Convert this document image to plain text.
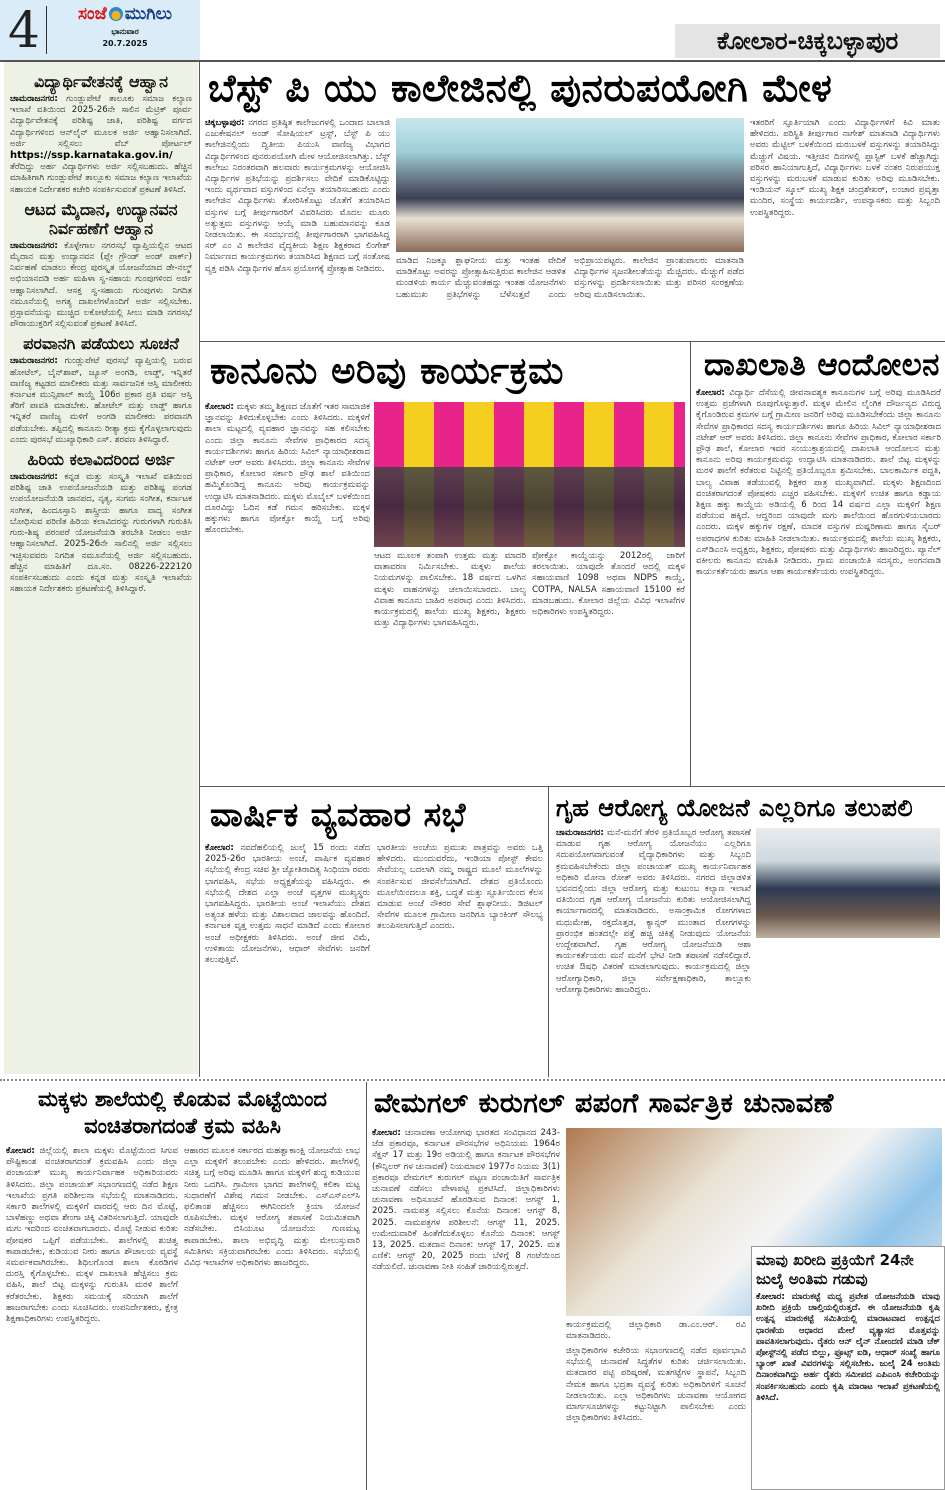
4 ಸಂಜೆ ಮುಗಿಲು
ಭಾನುವಾರ
20.7.2025	ಕೋಲಾರ-ಚಿಕ್ಕಬಳ್ಳಾಪುರ
ವಿದ್ಯಾರ್ಥಿವೇತನಕ್ಕೆ ಆಹ್ವಾನ
ಚಾಮರಾಜನಗರ: ಗುಂಡ್ಲುಪೇಟೆ ತಾಲೂಕು ಸಮಾಜ ಕಲ್ಯಾಣ ಇಲಾಖೆ ವತಿಯಿಂದ 2025-26ನೇ ಸಾಲಿನ ಮೆಟ್ರಿಕ್ ಪೂರ್ವ ವಿದ್ಯಾರ್ಥಿವೇತನಕ್ಕೆ ಪರಿಶಿಷ್ಟ ಜಾತಿ, ಪರಿಶಿಷ್ಟ ವರ್ಗದ ವಿದ್ಯಾರ್ಥಿಗಳಿಂದ ಆನ್‌ಲೈನ್ ಮೂಲಕ ಅರ್ಜಿ ಆಹ್ವಾನಿಸಲಾಗಿದೆ. ಅರ್ಜಿ ಸಲ್ಲಿಸಲು ವೆಬ್ ಪೋರ್ಟಲ್ https://ssp.karnataka.gov.in/ ತೆರೆದಿದ್ದು ಅರ್ಹ ವಿದ್ಯಾರ್ಥಿಗಳು ಅರ್ಜಿ ಸಲ್ಲಿಸಬಹುದು. ಹೆಚ್ಚಿನ ಮಾಹಿತಿಗಾಗಿ ಗುಂಡ್ಲುಪೇಟೆ ತಾಲ್ಲೂಕು ಸಮಾಜ ಕಲ್ಯಾಣ ಇಲಾಖೆಯ ಸಹಾಯಕ ನಿರ್ದೇಶಕರ ಕಚೇರಿ ಸಂಪರ್ಕಿಸುವಂತೆ ಪ್ರಕಟಣೆ ತಿಳಿಸಿದೆ.
ಆಟದ ಮೈದಾನ, ಉದ್ಯಾನವನ ನಿರ್ವಹಣೆಗೆ ಆಹ್ವಾನ
ಚಾಮರಾಜನಗರ: ಕೊಳ್ಳೇಗಾಲ ನಗರಸಭೆ ವ್ಯಾಪ್ತಿಯಲ್ಲಿನ ಆಟದ ಮೈದಾನ ಮತ್ತು ಉದ್ಯಾನವನ (ಪ್ಲೇ ಗ್ರೌಂಡ್ ಅಂಡ್ ಪಾರ್ಕ್) ನಿರ್ವಹಣೆ ಮಾಡಲು ಕೇಂದ್ರ ಪುರಸ್ಕೃತ ಯೋಜನೆಯಾದ ಡೇ-ನಲ್ಮ್ ಅಭಿಯಾನದಡಿ ಅರ್ಹ ಮಹಿಳಾ ಸ್ವ-ಸಹಾಯ ಗುಂಪುಗಳಿಂದ ಅರ್ಜಿ ಆಹ್ವಾನಿಸಲಾಗಿದೆ. ಆಸಕ್ತ ಸ್ವ-ಸಹಾಯ ಗುಂಪುಗಳು ನಿಗದಿತ ನಮೂನೆಯಲ್ಲಿ ಅಗತ್ಯ ದಾಖಲೆಗಳೊಂದಿಗೆ ಅರ್ಜಿ ಸಲ್ಲಿಸಬೇಕು. ಪ್ರಸ್ತಾವನೆಯನ್ನು ಮುಚ್ಚಿದ ಲಕೋಟೆಯಲ್ಲಿ ಸೀಲು ಮಾಡಿ ನಗರಸಭೆ ಪೌರಾಯುಕ್ತರಿಗೆ ಸಲ್ಲಿಸುವಂತೆ ಪ್ರಕಟಣೆ ತಿಳಿಸಿದೆ.
ಪರವಾನಗಿ ಪಡೆಯಲು ಸೂಚನೆ
ಚಾಮರಾಜನಗರ: ಗುಂಡ್ಲುಪೇಟೆ ಪುರಸಭೆ ವ್ಯಾಪ್ತಿಯಲ್ಲಿ ಬರುವ ಹೋಟೆಲ್, ಬೈನ್‌ಶಾಪ್, ಜ್ಯೂಸ್ ಅಂಗಡಿ, ಲಾಡ್ಜ್, ಇನ್ನಿತರೆ ವಾಣಿಜ್ಯ ಕಟ್ಟಡದ ಮಾಲೀಕರು ಮತ್ತು ಸಾರ್ವಜನಿಕ ಆಸ್ತಿ ಮಾಲೀಕರು ಕರ್ನಾಟಕ ಮುನ್ಸಿಪಾಲ್ ಕಾಯ್ದೆ 106ರ ಪ್ರಕಾರ ಪ್ರತಿ ವರ್ಷ ಆಸ್ತಿ ತೆರಿಗೆ ಪಾವತಿ ಮಾಡಬೇಕು. ಹೋಟೆಲ್ ಮತ್ತು ಲಾಡ್ಜ್ ಹಾಗೂ ಇನ್ನಿತರೆ ವಾಣಿಜ್ಯ ಮಳಿಗೆ ಅಂಗಡಿ ಮಾಲೀಕರು ಪರವಾನಗಿ ಪಡೆಯಬೇಕು. ತಪ್ಪಿದಲ್ಲಿ ಕಾನೂನು ರೀತ್ಯಾ ಕ್ರಮ ಕೈಗೊಳ್ಳಲಾಗುವುದು ಎಂದು ಪುರಸಭೆ ಮುಖ್ಯಾಧಿಕಾರಿ ಎಸ್. ಶರವಣ ತಿಳಿಸಿದ್ದಾರೆ.
ಹಿರಿಯ ಕಲಾವಿದರಿಂದ ಅರ್ಜಿ
ಚಾಮರಾಜನಗರ: ಕನ್ನಡ ಮತ್ತು ಸಂಸ್ಕೃತಿ ಇಲಾಖೆ ವತಿಯಿಂದ ಪರಿಶಿಷ್ಟ ಜಾತಿ ಉಪಯೋಜನೆಯಡಿ ಮತ್ತು ಪರಿಶಿಷ್ಟ ಪಂಗಡ ಉಪಯೋಜನೆಯಡಿ ಜಾನಪದ, ನೃತ್ಯ, ಸುಗಮ ಸಂಗೀತ, ಕರ್ನಾಟಕ ಸಂಗೀತ, ಹಿಂದೂಸ್ತಾನಿ ಶಾಸ್ತ್ರೀಯ ಹಾಗೂ ವಾದ್ಯ ಸಂಗೀತ ಬೋಧಿಸುವ ಪರಿಣಿತ ಹಿರಿಯ ಕಲಾವಿದರನ್ನು ಗುರುಗಳಾಗಿ ಗುರುತಿಸಿ ಗುರು-ಶಿಷ್ಯ ಪರಂಪರೆ ಯೋಜನೆಯಡಿ ತರಬೇತಿ ನೀಡಲು ಅರ್ಜಿ ಆಹ್ವಾನಿಸಲಾಗಿದೆ. 2025-26ನೇ ಸಾಲಿನಲ್ಲಿ ಅರ್ಜಿ ಸಲ್ಲಿಸಲು ಇಚ್ಛಿಸುವವರು ನಿಗದಿತ ನಮೂನೆಯಲ್ಲಿ ಅರ್ಜಿ ಸಲ್ಲಿಸಬಹುದು. ಹೆಚ್ಚಿನ ಮಾಹಿತಿಗೆ ದೂ.ಸಂ. 08226-222120 ಸಂಪರ್ಕಿಸಬಹುದು ಎಂದು ಕನ್ನಡ ಮತ್ತು ಸಂಸ್ಕೃತಿ ಇಲಾಖೆಯ ಸಹಾಯಕ ನಿರ್ದೇಶಕರು ಪ್ರಕಟಣೆಯಲ್ಲಿ ತಿಳಿಸಿದ್ದಾರೆ.
ಬೆಸ್ಟ್ ಪಿ ಯು ಕಾಲೇಜಿನಲ್ಲಿ ಪುನರುಪಯೋಗಿ ಮೇಳ
ಚಿಕ್ಕಬಳ್ಳಾಪುರ: ನಗರದ ಪ್ರತಿಷ್ಠಿತ ಕಾಲೇಜುಗಳಲ್ಲಿ ಒಂದಾದ ಬಾಲಾಜಿ ಎಜುಕೇಷನಲ್ ಅಂಡ್ ಸೋಷಿಯಲ್ ಟ್ರಸ್ಟ್, ಬೆಸ್ಟ್ ಪಿ ಯು ಕಾಲೇಜಿನಲ್ಲಿಂದು ದ್ವಿತೀಯ ಪಿಯುಸಿ ವಾಣಿಜ್ಯ ವಿಭಾಗದ ವಿದ್ಯಾರ್ಥಿಗಳಿಂದ ಪುನರುಪಯೋಗಿ ಮೇಳ ಆಯೋಜಿಸಲಾಗಿತ್ತು. ಬೆಸ್ಟ್ ಕಾಲೇಜು ನಿರಂತರವಾಗಿ ಹಲವಾರು ಕಾರ್ಯಕ್ರಮಗಳನ್ನು ಆಯೋಜಿಸಿ ವಿದ್ಯಾರ್ಥಿಗಳ ಪ್ರತಿಭೆಯನ್ನು ಪ್ರದರ್ಶಿಸಲು ವೇದಿಕೆ ಮಾಡಿಕೊಟ್ಟಿದ್ದು ಇಂದು ವ್ಯರ್ಥವಾದ ವಸ್ತುಗಳಿಂದ ಏನೆಲ್ಲಾ ತಯಾರಿಸಬಹುದು ಎಂದು ಕಾಲೇಜಿನ ವಿದ್ಯಾರ್ಥಿಗಳು ತೋರಿಸಿಕೊಟ್ಟು ಜೊತೆಗೆ ತಯಾರಿಸಿದ ವಸ್ತುಗಳ ಬಗ್ಗೆ ತೀರ್ಪುಗಾರರಿಗೆ ವಿವರಿಸಿದರು ಮೊದಲ ಮೂರು ಅತ್ಯುತ್ತಮ ವಸ್ತುಗಳನ್ನು ಆಯ್ಕೆ ಮಾಡಿ ಬಹುಮಾನವನ್ನು ಕೂಡ ನೀಡಲಾಯಿತು. ಈ ಸಂದರ್ಭದಲ್ಲಿ ತೀರ್ಪುಗಾರರಾಗಿ ಭಾಗವಹಿಸಿದ್ದ ಸರ್ ಎಂ ವಿ ಕಾಲೇಜಿನ ವೈದ್ಯಕೀಯ ಶಿಕ್ಷಣ ಶಿಕ್ಷಕರಾದ ಲಿಂಗೇಶ್ ನಿರ್ಮಾಣದ ಕಾರ್ಯಕ್ರಮಗಳು ತಯಾರಿಸಿದ ಶಿಕ್ಷಣದ ಬಗ್ಗೆ ಸಂತೋಷ ವ್ಯಕ್ತ ಪಡಿಸಿ ವಿದ್ಯಾರ್ಥಿಗಳ ಹೊಸ ಪ್ರಯೋಗಕ್ಕೆ ಪ್ರೋತ್ಸಾಹ ನೀಡಿದರು.
ಮಾಡಿದ ನಿಜಕ್ಕೂ ಶ್ಲಾಘನೀಯ ಮತ್ತು ಇಂತಹ ವೇದಿಕೆ ಮಾಡಿಕೊಟ್ಟು ಅವರನ್ನು ಪ್ರೋತ್ಸಾಹಿಸುತ್ತಿರುವ ಕಾಲೇಜಿನ ಆಡಳಿತ ಮಂಡಳಿಯ ಕಾರ್ಯ ಮೆಚ್ಚುವಂತಹದ್ದು ಇಂತಹ ಯೋಜನೆಗಳು ಬಹುಮುಖ ಪ್ರತಿಭೆಗಳನ್ನು ಬೆಳೆಸುತ್ತವೆ ಎಂದು ಅಭಿಪ್ರಾಯಪಟ್ಟರು. ಕಾಲೇಜಿನ ಪ್ರಾಂಶುಪಾಲರು ಮಾತನಾಡಿ ವಿದ್ಯಾರ್ಥಿಗಳ ಸೃಜನಶೀಲತೆಯನ್ನು ಮೆಚ್ಚಿದರು. ಮೆಚ್ಚುಗೆ ಪಡೆದ ವಸ್ತುಗಳನ್ನು ಪ್ರದರ್ಶಿಸಲಾಯಿತು ಮತ್ತು ಪರಿಸರ ಸಂರಕ್ಷಣೆಯ ಅರಿವು ಮೂಡಿಸಲಾಯಿತು.
ಇತರರಿಗೆ ಸ್ಫೂರ್ತಿಯಾಗಿ ಎಂದು ವಿದ್ಯಾರ್ಥಿಗಳಿಗೆ ಕಿವಿ ಮಾತು ಹೇಳಿದರು. ಪರಿಸ್ಥಿತಿ ತೀರ್ಪುಗಾರ ನಾಗೇಶ್ ಮಾತನಾಡಿ ವಿದ್ಯಾರ್ಥಿಗಳು ಅವರು ಮೆಟ್ಟಿಲ್ ಬಳಕೆಯಿಂದ ಮರುಬಳಕೆ ವಸ್ತುಗಳನ್ನು ತಯಾರಿಸಿದ್ದು ಮೆಚ್ಚುಗೆ ವಿಷಯ. ಇತ್ತೀಚಿನ ದಿನಗಳಲ್ಲಿ ಪ್ಲಾಸ್ಟಿಕ್ ಬಳಕೆ ಹೆಚ್ಚಾಗಿದ್ದು ಪರಿಸರ ಹಾನಿಯಾಗುತ್ತಿದೆ, ವಿದ್ಯಾರ್ಥಿಗಳು ಬಳಕೆ ನಂತರ ನಿರುಪಯುಕ್ತ ವಸ್ತುಗಳನ್ನು ಮರುಬಳಕೆ ಮಾಡುವ ಕುರಿತು ಅರಿವು ಮೂಡಿಸಬೇಕು. ಇಂಡಿಯನ್ ಸ್ಕೂಲ್ ಮುಖ್ಯ ಶಿಕ್ಷಕ ಚಂದ್ರಶೇಖರ್, ಲಂಚಾರ ಪ್ರವೃತ್ತಾ ಮಂದಿರ, ಸಂಸ್ಥೆಯ ಕಾರ್ಯದರ್ಶಿ, ಉಪನ್ಯಾಸಕರು ಮತ್ತು ಸಿಬ್ಬಂದಿ ಉಪಸ್ಥಿತರಿದ್ದರು.
ಕಾನೂನು ಅರಿವು ಕಾರ್ಯಕ್ರಮ
ಕೋಲಾರ: ಮಕ್ಕಳು ತಮ್ಮ ಶಿಕ್ಷಣದ ಜೊತೆಗೆ ಇತರ ಸಾಮಾಜಿಕ ಜ್ಞಾನವನ್ನು ತಿಳಿದುಕೊಳ್ಳಬೇಕು ಎಂದು ತಿಳಿಸಿದರು. ಮಕ್ಕಳಿಗೆ ಶಾಲಾ ಮಟ್ಟದಲ್ಲಿ ವ್ಯವಹಾರ ಜ್ಞಾನವನ್ನು ಸಹ ಕಲಿಸಬೇಕು ಎಂದು ಜಿಲ್ಲಾ ಕಾನೂನು ಸೇವೆಗಳ ಪ್ರಾಧಿಕಾರದ ಸದಸ್ಯ ಕಾರ್ಯದರ್ಶಿಗಳು ಹಾಗೂ ಹಿರಿಯ ಸಿವಿಲ್ ನ್ಯಾಯಾಧೀಶರಾದ ನಟೇಶ್ ಆರ್ ಅವರು ತಿಳಿಸಿದರು. ಜಿಲ್ಲಾ ಕಾನೂನು ಸೇವೆಗಳ ಪ್ರಾಧಿಕಾರ, ಕೋಲಾರ ಸರ್ಕಾರಿ ಪ್ರೌಢ ಶಾಲೆ ವತಿಯಿಂದ ಹಮ್ಮಿಕೊಂಡಿದ್ದ ಕಾನೂನು ಅರಿವು ಕಾರ್ಯಕ್ರಮವನ್ನು ಉದ್ಘಾಟಿಸಿ ಮಾತನಾಡಿದರು. ಮಕ್ಕಳು ಮೊಬೈಲ್ ಬಳಕೆಯಿಂದ ದೂರವಿದ್ದು ಓದಿನ ಕಡೆ ಗಮನ ಹರಿಸಬೇಕು. ಮಕ್ಕಳ ಹಕ್ಕುಗಳು ಹಾಗೂ ಪೋಕ್ಸೋ ಕಾಯ್ದೆ ಬಗ್ಗೆ ಅರಿವು ಹೊಂದಬೇಕು.
ಆಟದ ಮೂಲಕ ತಂಪಾಗಿ ಉತ್ತಮ ಮತ್ತು ಮಾದರಿ ವಾತಾವರಣ ನಿರ್ಮಿಸಬೇಕು. ಮಕ್ಕಳು ಶಾಲೆಯ ನಿಯಮಗಳನ್ನು ಪಾಲಿಸಬೇಕು. 18 ವರ್ಷದ ಒಳಗಿನ ಮಕ್ಕಳು ವಾಹನಗಳನ್ನು ಚಲಾಯಿಸಬಾರದು. ಬಾಲ್ಯ ವಿವಾಹ ಕಾನೂನು ಬಾಹಿರ ಅಪರಾಧ ಎಂದು ತಿಳಿಸಿದರು. ಕಾರ್ಯಕ್ರಮದಲ್ಲಿ ಶಾಲೆಯ ಮುಖ್ಯ ಶಿಕ್ಷಕರು, ಶಿಕ್ಷಕರು ಮತ್ತು ವಿದ್ಯಾರ್ಥಿಗಳು ಭಾಗವಹಿಸಿದ್ದರು.
ಪೋಕ್ಸೋ ಕಾಯ್ದೆಯನ್ನು 2012ರಲ್ಲಿ ಜಾರಿಗೆ ತರಲಾಯಿತು. ಯಾವುದೇ ತೊಂದರೆ ಆದಲ್ಲಿ ಮಕ್ಕಳ ಸಹಾಯವಾಣಿ 1098 ಅಥವಾ NDPS ಕಾಯ್ದೆ, COTPA, NALSA ಸಹಾಯವಾಣಿ 15100 ಕರೆ ಮಾಡಬಹುದು. ಕೋಲಾರ ಜಿಲ್ಲೆಯ ವಿವಿಧ ಇಲಾಖೆಗಳ ಅಧಿಕಾರಿಗಳು ಉಪಸ್ಥಿತರಿದ್ದರು.
ದಾಖಲಾತಿ ಆಂದೋಲನ
ಕೋಲಾರ: ವಿದ್ಯಾರ್ಥಿ ದೆಸೆಯಲ್ಲಿ ಜೀವನಾವಶ್ಯಕ ಕಾನೂನುಗಳ ಬಗ್ಗೆ ಅರಿವು ಮೂಡಿಸಿದರೆ ಉತ್ತಮ ಪ್ರಜೆಗಳಾಗಿ ರೂಪುಗೊಳ್ಳುತ್ತಾರೆ. ಮಕ್ಕಳ ಮೇಲಿನ ಲೈಂಗಿಕ ದೌರ್ಜನ್ಯದ ವಿರುದ್ಧ ಕೈಗೊಂಡಿರುವ ಕ್ರಮಗಳ ಬಗ್ಗೆ ಗ್ರಾಮೀಣ ಜನರಿಗೆ ಅರಿವು ಮೂಡಿಸಬೇಕೆಂದು ಜಿಲ್ಲಾ ಕಾನೂನು ಸೇವೆಗಳ ಪ್ರಾಧಿಕಾರದ ಸದಸ್ಯ ಕಾರ್ಯದರ್ಶಿಗಳು ಹಾಗೂ ಹಿರಿಯ ಸಿವಿಲ್ ನ್ಯಾಯಾಧೀಶರಾದ ನಟೇಶ್ ಆರ್ ಅವರು ತಿಳಿಸಿದರು. ಜಿಲ್ಲಾ ಕಾನೂನು ಸೇವೆಗಳ ಪ್ರಾಧಿಕಾರ, ಕೋಲಾರ ಸರ್ಕಾರಿ ಪ್ರೌಢ ಶಾಲೆ, ಕೋಲಾರ ಇವರ ಸಂಯುಕ್ತಾಶ್ರಯದಲ್ಲಿ ದಾಖಲಾತಿ ಆಂದೋಲನ ಮತ್ತು ಕಾನೂನು ಅರಿವು ಕಾರ್ಯಕ್ರಮವನ್ನು ಉದ್ಘಾಟಿಸಿ ಮಾತನಾಡಿದರು. ಶಾಲೆ ಬಿಟ್ಟ ಮಕ್ಕಳನ್ನು ಮರಳಿ ಶಾಲೆಗೆ ಕರೆತರುವ ನಿಟ್ಟಿನಲ್ಲಿ ಪ್ರತಿಯೊಬ್ಬರೂ ಶ್ರಮಿಸಬೇಕು. ಬಾಲಕಾರ್ಮಿಕ ಪದ್ಧತಿ, ಬಾಲ್ಯ ವಿವಾಹ ತಡೆಯುವಲ್ಲಿ ಶಿಕ್ಷಕರ ಪಾತ್ರ ಮುಖ್ಯವಾಗಿದೆ. ಮಕ್ಕಳು ಶಿಕ್ಷಣದಿಂದ ವಂಚಿತರಾಗದಂತೆ ಪೋಷಕರು ಎಚ್ಚರ ವಹಿಸಬೇಕು. ಮಕ್ಕಳಿಗೆ ಉಚಿತ ಹಾಗೂ ಕಡ್ಡಾಯ ಶಿಕ್ಷಣ ಹಕ್ಕು ಕಾಯ್ದೆಯ ಅಡಿಯಲ್ಲಿ 6 ರಿಂದ 14 ವರ್ಷದ ಎಲ್ಲಾ ಮಕ್ಕಳಿಗೆ ಶಿಕ್ಷಣ ಪಡೆಯುವ ಹಕ್ಕಿದೆ. ಆದ್ದರಿಂದ ಯಾವುದೇ ಮಗು ಶಾಲೆಯಿಂದ ಹೊರಗುಳಿಯಬಾರದು ಎಂದರು. ಮಕ್ಕಳ ಹಕ್ಕುಗಳ ರಕ್ಷಣೆ, ಮಾದಕ ವಸ್ತುಗಳ ದುಷ್ಪರಿಣಾಮ ಹಾಗೂ ಸೈಬರ್ ಅಪರಾಧಗಳ ಕುರಿತು ಮಾಹಿತಿ ನೀಡಲಾಯಿತು. ಕಾರ್ಯಕ್ರಮದಲ್ಲಿ ಶಾಲೆಯ ಮುಖ್ಯ ಶಿಕ್ಷಕರು, ಎಸ್‌ಡಿಎಂಸಿ ಅಧ್ಯಕ್ಷರು, ಶಿಕ್ಷಕರು, ಪೋಷಕರು ಮತ್ತು ವಿದ್ಯಾರ್ಥಿಗಳು ಹಾಜರಿದ್ದರು. ಪ್ಯಾನೆಲ್ ವಕೀಲರು ಕಾನೂನು ಮಾಹಿತಿ ನೀಡಿದರು. ಗ್ರಾಮ ಪಂಚಾಯಿತಿ ಸದಸ್ಯರು, ಅಂಗನವಾಡಿ ಕಾರ್ಯಕರ್ತೆಯರು ಹಾಗೂ ಆಶಾ ಕಾರ್ಯಕರ್ತೆಯರು ಉಪಸ್ಥಿತರಿದ್ದರು.
ವಾರ್ಷಿಕ ವ್ಯವಹಾರ ಸಭೆ
ಕೋಲಾರ: ನವದೆಹಲಿಯಲ್ಲಿ ಜುಲೈ 15 ರಂದು ನಡೆದ 2025-26ರ ಭಾರತೀಯ ಅಂಚೆ, ವಾರ್ಷಿಕ ವ್ಯವಹಾರ ಸಭೆಯಲ್ಲಿ ಕೇಂದ್ರ ಸಚಿವ ಶ್ರೀ ಜ್ಯೋತಿರಾದಿತ್ಯ ಸಿಂಧಿಯಾ ರವರು ಭಾಗವಹಿಸಿ, ಸಭೆಯ ಅಧ್ಯಕ್ಷತೆಯನ್ನು ವಹಿಸಿದ್ದರು. ಈ ಸಭೆಯಲ್ಲಿ ದೇಶದ ಎಲ್ಲಾ ಅಂಚೆ ವೃತ್ತಗಳ ಮುಖ್ಯಸ್ಥರು ಭಾಗವಹಿಸಿದ್ದರು. ಭಾರತೀಯ ಅಂಚೆ ಇಲಾಖೆಯು ದೇಶದ ಅತ್ಯಂತ ಹಳೆಯ ಮತ್ತು ವಿಶಾಲವಾದ ಜಾಲವನ್ನು ಹೊಂದಿದೆ. ಕರ್ನಾಟಕ ವೃತ್ತ ಉತ್ತಮ ಸಾಧನೆ ಮಾಡಿದೆ ಎಂದು ಕೋಲಾರ ಅಂಚೆ ಅಧೀಕ್ಷಕರು ತಿಳಿಸಿದರು. ಅಂಚೆ ಜೀವ ವಿಮೆ, ಉಳಿತಾಯ ಯೋಜನೆಗಳು, ಆಧಾರ್ ಸೇವೆಗಳು ಜನರಿಗೆ ತಲುಪುತ್ತಿವೆ.
ಭಾರತೀಯ ಅಂಚೆಯ ಪ್ರಮುಖ ಪಾತ್ರವನ್ನು ಅವರು ಒತ್ತಿ ಹೇಳಿದರು. ಮುಂದುವರೆದು, ಇಂಡಿಯಾ ಪೋಸ್ಟ್ ಕೇವಲ ಸೇವೆಯಲ್ಲ ಬದಲಾಗಿ ನಮ್ಮ ರಾಷ್ಟ್ರದ ಮೂಲೆ ಮೂಲೆಗಳನ್ನು ಸಂಪರ್ಕಿಸುವ ಜೀವಸೆಲೆಯಾಗಿದೆ. ದೇಶದ ಪ್ರತಿಯೊಂದು ಮೂಲೆಯಿಂದಲೂ ಶಕ್ತಿ, ಬದ್ಧತೆ ಮತ್ತು ಸ್ಪೂರ್ತಿಯಿಂದ ಕೆಲಸ ಮಾಡುವ ಅಂಚೆ ನೌಕರರ ಸೇವೆ ಶ್ಲಾಘನೀಯ. ಡಿಜಿಟಲ್ ಸೇವೆಗಳ ಮೂಲಕ ಗ್ರಾಮೀಣ ಜನರಿಗೂ ಬ್ಯಾಂಕಿಂಗ್ ಸೌಲಭ್ಯ ತಲುಪಿಸಲಾಗುತ್ತಿದೆ ಎಂದರು.
ಗೃಹ ಆರೋಗ್ಯ ಯೋಜನೆ ಎಲ್ಲರಿಗೂ ತಲುಪಲಿ
ಚಾಮರಾಜನಗರ: ಮನೆ-ಮನೆಗೆ ತೆರಳಿ ಪ್ರತಿಯೊಬ್ಬರ ಆರೋಗ್ಯ ತಪಾಸಣೆ ಮಾಡುವ ಗೃಹ ಆರೋಗ್ಯ ಯೋಜನೆಯು ಎಲ್ಲರಿಗೂ ಸದುಪಯೋಗವಾಗುವಂತೆ ವೈದ್ಯಾಧಿಕಾರಿಗಳು ಮತ್ತು ಸಿಬ್ಬಂದಿ ಕ್ರಮವಹಿಸಬೇಕೆಂದು ಜಿಲ್ಲಾ ಪಂಚಾಯತ್ ಮುಖ್ಯ ಕಾರ್ಯನಿರ್ವಾಹಕ ಅಧಿಕಾರಿ ಮೋನಾ ರೋತ್ ಅವರು ತಿಳಿಸಿದರು. ನಗರದ ಜಿಲ್ಲಾಡಳಿತ ಭವನದಲ್ಲಿಂದು ಜಿಲ್ಲಾ ಆರೋಗ್ಯ ಮತ್ತು ಕುಟುಂಬ ಕಲ್ಯಾಣ ಇಲಾಖೆ ವತಿಯಿಂದ ಗೃಹ ಆರೋಗ್ಯ ಯೋಜನೆಯ ಕುರಿತು ಆಯೋಜಿಸಲಾಗಿದ್ದ ಕಾರ್ಯಾಗಾರದಲ್ಲಿ ಮಾತನಾಡಿದರು. ಅಸಾಂಕ್ರಾಮಿಕ ರೋಗಗಳಾದ ಮಧುಮೇಹ, ರಕ್ತದೊತ್ತಡ, ಕ್ಯಾನ್ಸರ್ ಮುಂತಾದ ರೋಗಗಳನ್ನು ಪ್ರಾರಂಭಿಕ ಹಂತದಲ್ಲೇ ಪತ್ತೆ ಹಚ್ಚಿ ಚಿಕಿತ್ಸೆ ನೀಡುವುದು ಯೋಜನೆಯ ಉದ್ದೇಶವಾಗಿದೆ. ಗೃಹ ಆರೋಗ್ಯ ಯೋಜನೆಯಡಿ ಆಶಾ ಕಾರ್ಯಕರ್ತೆಯರು ಮನೆ ಮನೆಗೆ ಭೇಟಿ ನೀಡಿ ತಪಾಸಣೆ ನಡೆಸಲಿದ್ದಾರೆ. ಉಚಿತ ಔಷಧಿ ವಿತರಣೆ ಮಾಡಲಾಗುವುದು. ಕಾರ್ಯಕ್ರಮದಲ್ಲಿ ಜಿಲ್ಲಾ ಆರೋಗ್ಯಾಧಿಕಾರಿ, ಜಿಲ್ಲಾ ಸರ್ವೇಕ್ಷಣಾಧಿಕಾರಿ, ತಾಲ್ಲೂಕು ಆರೋಗ್ಯಾಧಿಕಾರಿಗಳು ಹಾಜರಿದ್ದರು.
ಮಕ್ಕಳು ಶಾಲೆಯಲ್ಲಿ ಕೊಡುವ ಮೊಟ್ಟೆಯಿಂದ
ವಂಚಿತರಾಗದಂತೆ ಕ್ರಮ ವಹಿಸಿ
ಕೋಲಾರ: ಜಿಲ್ಲೆಯಲ್ಲಿ ಶಾಲಾ ಮಕ್ಕಳು ಮೊಟ್ಟೆಯಿಂದ ಸಿಗುವ ಪೌಷ್ಟಿಕಾಂಶ ವಂಚಿತರಾಗದಂತೆ ಕ್ರಮವಹಿಸಿ ಎಂದು ಜಿಲ್ಲಾ ಪಂಚಾಯತ್ ಮುಖ್ಯ ಕಾರ್ಯನಿರ್ವಾಹಕ ಅಧಿಕಾರಿಯವರು ತಿಳಿಸಿದರು. ಜಿಲ್ಲಾ ಪಂಚಾಯತ್ ಸಭಾಂಗಣದಲ್ಲಿ ನಡೆದ ಶಿಕ್ಷಣ ಇಲಾಖೆಯ ಪ್ರಗತಿ ಪರಿಶೀಲನಾ ಸಭೆಯಲ್ಲಿ ಮಾತನಾಡಿದರು. ಸರ್ಕಾರಿ ಶಾಲೆಗಳಲ್ಲಿ ಮಕ್ಕಳಿಗೆ ವಾರದಲ್ಲಿ ಆರು ದಿನ ಮೊಟ್ಟೆ, ಬಾಳೆಹಣ್ಣು ಅಥವಾ ಶೇಂಗಾ ಚಿಕ್ಕಿ ವಿತರಿಸಲಾಗುತ್ತಿದೆ. ಯಾವುದೇ ಮಗು ಇದರಿಂದ ವಂಚಿತವಾಗಬಾರದು. ಮೊಟ್ಟೆ ನೀಡುವ ಕುರಿತು ಪೋಷಕರ ಒಪ್ಪಿಗೆ ಪಡೆಯಬೇಕು. ಶಾಲೆಗಳಲ್ಲಿ ಶುಚಿತ್ವ ಕಾಪಾಡಬೇಕು, ಕುಡಿಯುವ ನೀರು ಹಾಗೂ ಶೌಚಾಲಯ ವ್ಯವಸ್ಥೆ ಸಮರ್ಪಕವಾಗಿರಬೇಕು. ಶಿಥಿಲಗೊಂಡ ಶಾಲಾ ಕೊಠಡಿಗಳ ದುರಸ್ತಿ ಕೈಗೊಳ್ಳಬೇಕು. ಮಕ್ಕಳ ದಾಖಲಾತಿ ಹೆಚ್ಚಿಸಲು ಕ್ರಮ ವಹಿಸಿ, ಶಾಲೆ ಬಿಟ್ಟ ಮಕ್ಕಳನ್ನು ಗುರುತಿಸಿ ಮರಳಿ ಶಾಲೆಗೆ ಕರೆತರಬೇಕು. ಶಿಕ್ಷಕರು ಸಮಯಕ್ಕೆ ಸರಿಯಾಗಿ ಶಾಲೆಗೆ ಹಾಜರಾಗಬೇಕು ಎಂದು ಸೂಚಿಸಿದರು. ಉಪನಿರ್ದೇಶಕರು, ಕ್ಷೇತ್ರ ಶಿಕ್ಷಣಾಧಿಕಾರಿಗಳು ಉಪಸ್ಥಿತರಿದ್ದರು.
ಆಹಾರದ ಮೂಲಕ ಸರ್ಕಾರದ ಮಹತ್ವಾಕಾಂಕ್ಷಿ ಯೋಜನೆಯ ಲಾಭ ಎಲ್ಲಾ ಮಕ್ಕಳಿಗೆ ತಲುಪಬೇಕು ಎಂದು ಹೇಳಿದರು. ಶಾಲೆಗಳಲ್ಲಿ ಸಚಿತ್ವ ಬಗ್ಗೆ ಅರಿವು ಮೂಡಿಸಿ ಹಾಗೂ ಮಕ್ಕಳಿಗೆ ಶುದ್ಧ ಕುಡಿಯುವ ನೀರು ಒದಗಿಸಿ. ಗ್ರಾಮೀಣ ಭಾಗದ ಶಾಲೆಗಳಲ್ಲಿ ಕಲಿಕಾ ಮಟ್ಟ ಸುಧಾರಣೆಗೆ ವಿಶೇಷ ಗಮನ ನೀಡಬೇಕು. ಎಸ್‌ಎಸ್‌ಎಲ್‌ಸಿ ಫಲಿತಾಂಶ ಹೆಚ್ಚಿಸಲು ಈಗಿನಿಂದಲೇ ಕ್ರಿಯಾ ಯೋಜನೆ ರೂಪಿಸಬೇಕು. ಮಕ್ಕಳ ಆರೋಗ್ಯ ತಪಾಸಣೆ ನಿಯಮಿತವಾಗಿ ನಡೆಸಬೇಕು. ಬಿಸಿಯೂಟ ಯೋಜನೆಯ ಗುಣಮಟ್ಟ ಕಾಪಾಡಬೇಕು. ಶಾಲಾ ಅಭಿವೃದ್ಧಿ ಮತ್ತು ಮೇಲುಸ್ತುವಾರಿ ಸಮಿತಿಗಳು ಸಕ್ರಿಯವಾಗಿರಬೇಕು ಎಂದು ತಿಳಿಸಿದರು. ಸಭೆಯಲ್ಲಿ ವಿವಿಧ ಇಲಾಖೆಗಳ ಅಧಿಕಾರಿಗಳು ಹಾಜರಿದ್ದರು.
ವೇಮಗಲ್ ಕುರುಗಲ್ ಪಪಂಗೆ ಸಾರ್ವತ್ರಿಕ ಚುನಾವಣೆ
ಕೋಲಾರ: ಚುನಾವಣಾ ಆಯೋಗವು ಭಾರತದ ಸಂವಿಧಾನದ 243-ಜೆಡ ಪ್ರಕಾರವೂ, ಕರ್ನಾಟಕ ಪೌರಸಭೆಗಳ ಅಧಿನಿಯಮ 1964ರ ಸೆಕ್ಷನ್ 17 ಮತ್ತು 19ರ ಅಡಿಯಲ್ಲಿ ಹಾಗೂ ಕರ್ನಾಟಕ ಪೌರಸಭೆಗಳ (ಕೌನ್ಸಿಲರ್ ಗಳ ಚುನಾವಣೆ) ನಿಯಮಾವಳಿ 1977ರ ನಿಯಮ 3(1) ಪ್ರಕಾರವೂ ವೇಮಗಲ್ ಕುರುಗಲ್ ಪಟ್ಟಣ ಪಂಚಾಯಿತಿಗೆ ಸಾರ್ವತ್ರಿಕ ಚುನಾವಣೆ ನಡೆಸಲು ವೇಳಾಪಟ್ಟಿ ಪ್ರಕಟಿಸಿದೆ. ಜಿಲ್ಲಾಧಿಕಾರಿಗಳು ಚುನಾವಣಾ ಅಧಿಸೂಚನೆ ಹೊರಡಿಸುವ ದಿನಾಂಕ: ಆಗಸ್ಟ್ 1, 2025. ನಾಮಪತ್ರ ಸಲ್ಲಿಸಲು ಕೊನೆಯ ದಿನಾಂಕ: ಆಗಸ್ಟ್ 8, 2025. ನಾಮಪತ್ರಗಳ ಪರಿಶೀಲನೆ: ಆಗಸ್ಟ್ 11, 2025. ಉಮೇದುವಾರಿಕೆ ಹಿಂತೆಗೆದುಕೊಳ್ಳಲು ಕೊನೆಯ ದಿನಾಂಕ: ಆಗಸ್ಟ್ 13, 2025. ಮತದಾನ ದಿನಾಂಕ: ಆಗಸ್ಟ್ 17, 2025. ಮತ ಎಣಿಕೆ: ಆಗಸ್ಟ್ 20, 2025 ರಂದು ಬೆಳಿಗ್ಗೆ 8 ಗಂಟೆಯಿಂದ ನಡೆಯಲಿದೆ. ಚುನಾವಣಾ ನೀತಿ ಸಂಹಿತೆ ಜಾರಿಯಲ್ಲಿರುತ್ತದೆ.
ಕಾರ್ಯಕ್ರಮದಲ್ಲಿ ಜಿಲ್ಲಾಧಿಕಾರಿ ಡಾ.ಎಂ.ಆರ್. ರವಿ ಮಾತನಾಡಿದರು.
ಜಿಲ್ಲಾಧಿಕಾರಿಗಳ ಕಚೇರಿಯ ಸಭಾಂಗಣದಲ್ಲಿ ನಡೆದ ಪೂರ್ವಭಾವಿ ಸಭೆಯಲ್ಲಿ ಚುನಾವಣೆ ಸಿದ್ಧತೆಗಳ ಕುರಿತು ಚರ್ಚಿಸಲಾಯಿತು. ಮತದಾರರ ಪಟ್ಟಿ ಪರಿಷ್ಕರಣೆ, ಮತಗಟ್ಟೆಗಳ ಸ್ಥಾಪನೆ, ಸಿಬ್ಬಂದಿ ನೇಮಕ ಹಾಗೂ ಭದ್ರತಾ ವ್ಯವಸ್ಥೆ ಕುರಿತು ಅಧಿಕಾರಿಗಳಿಗೆ ಸೂಚನೆ ನೀಡಲಾಯಿತು. ಎಲ್ಲಾ ಅಧಿಕಾರಿಗಳು ಚುನಾವಣಾ ಆಯೋಗದ ಮಾರ್ಗಸೂಚಿಗಳನ್ನು ಕಟ್ಟುನಿಟ್ಟಾಗಿ ಪಾಲಿಸಬೇಕು ಎಂದು ಜಿಲ್ಲಾಧಿಕಾರಿಗಳು ತಿಳಿಸಿದರು.
ಮಾವು ಖರೀದಿ ಪ್ರಕ್ರಿಯೆಗೆ 24ನೇ ಜುಲೈ ಅಂತಿಮ ಗಡುವು
ಕೋಲಾರ: ಮಾರುಕಟ್ಟೆ ಮಧ್ಯ ಪ್ರವೇಶ ಯೋಜನೆಯಡಿ ಮಾವು ಖರೀದಿ ಪ್ರಕ್ರಿಯೆ ಚಾಲ್ತಿಯಲ್ಲಿರುತ್ತದೆ. ಈ ಯೋಜನೆಯಡಿ ಕೃಷಿ ಉತ್ಪನ್ನ ಮಾರುಕಟ್ಟೆ ಸಮಿತಿಯಲ್ಲಿ ಮಾರಾಟವಾದ ಉತ್ಪನ್ನದ ಧಾರಣೆಯ ಆಧಾರದ ಮೇಲೆ ವ್ಯತ್ಯಾಸದ ಮೊತ್ತವನ್ನು ಪಾವತಿಸಲಾಗುವುದು. ರೈತರು ಆನ್ ಲೈನ್ ನೋಂದಣಿ ಮಾಡಿ ಚೆಕ್ ಪೋಸ್ಟ್‌ನಲ್ಲಿ ಪಡೆದ ಬಿಲ್ಲು, ಫ್ರೂಟ್ಸ್ ಐಡಿ, ಆಧಾರ್ ಸಂಖ್ಯೆ ಹಾಗೂ ಬ್ಯಾಂಕ್ ಖಾತೆ ವಿವರಗಳನ್ನು ಸಲ್ಲಿಸಬೇಕು. ಜುಲೈ 24 ಅಂತಿಮ ದಿನಾಂಕವಾಗಿದ್ದು ಅರ್ಹ ರೈತರು ಸಮೀಪದ ಎಪಿಎಂಸಿ ಕಚೇರಿಯನ್ನು ಸಂಪರ್ಕಿಸಬಹುದು ಎಂದು ಕೃಷಿ ಮಾರಾಟ ಇಲಾಖೆ ಪ್ರಕಟಣೆಯಲ್ಲಿ ತಿಳಿಸಿದೆ.
